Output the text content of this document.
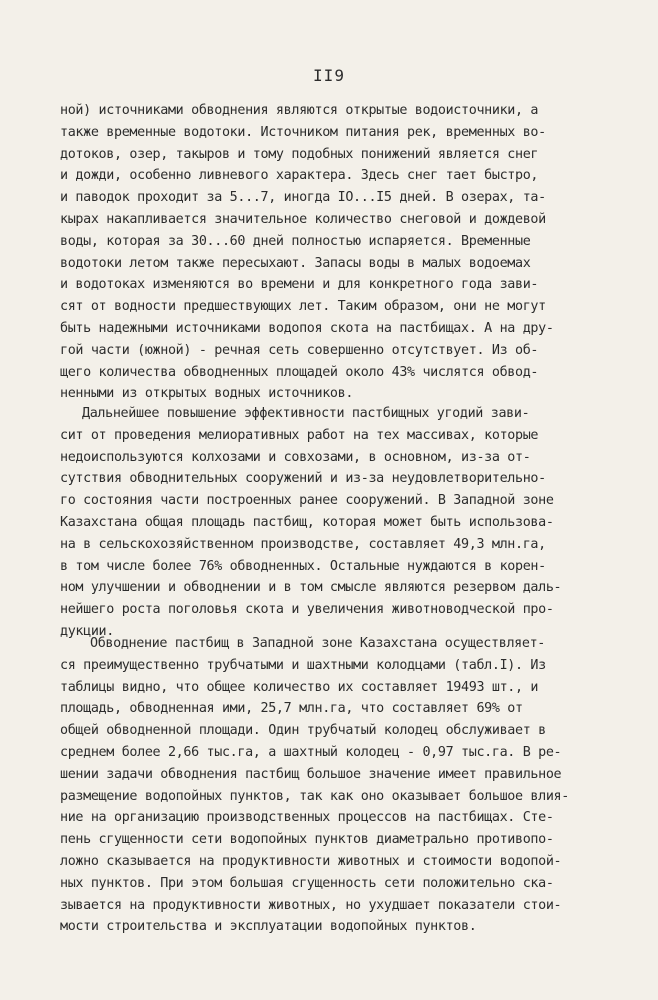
II9
ной) источниками обводнения являются открытые водоисточники, а
также временные водотоки. Источником питания рек, временных во-
дотоков, озер, такыров и тому подобных понижений является снег
и дожди, особенно ливневого характера. Здесь снег тает быстро,
и паводок проходит за 5...7, иногда IO...I5 дней. В озерах, та-
кырах накапливается значительное количество снеговой и дождевой
воды, которая за 30...60 дней полностью испаряется. Временные
водотоки летом также пересыхают. Запасы воды в малых водоемах
и водотоках изменяются во времени и для конкретного года зави-
сят от водности предшествующих лет. Таким образом, они не могут
быть надежными источниками водопоя скота на пастбищах. А на дру-
гой части (южной) - речная сеть совершенно отсутствует. Из об-
щего количества обводненных площадей около 43% числятся обвод-
ненными из открытых водных источников.
Дальнейшее повышение эффективности пастбищных угодий зави-
сит от проведения мелиоративных работ на тех массивах, которые
недоиспользуются колхозами и совхозами, в основном, из-за от-
сутствия обводнительных сооружений и из-за неудовлетворительно-
го состояния части построенных ранее сооружений. В Западной зоне
Казахстана общая площадь пастбищ, которая может быть использова-
на в сельскохозяйственном производстве, составляет 49,3 млн.га,
в том числе более 76% обводненных. Остальные нуждаются в корен-
ном улучшении и обводнении и в том смысле являются резервом даль-
нейшего роста поголовья скота и увеличения животноводческой про-
дукции.
Обводнение пастбищ в Западной зоне Казахстана осуществляет-
ся преимущественно трубчатыми и шахтными колодцами (табл.I). Из
таблицы видно, что общее количество их составляет 19493 шт., и
площадь, обводненная ими, 25,7 млн.га, что составляет 69% от
общей обводненной площади. Один трубчатый колодец обслуживает в
среднем более 2,66 тыс.га, а шахтный колодец - 0,97 тыс.га. В ре-
шении задачи обводнения пастбищ большое значение имеет правильное
размещение водопойных пунктов, так как оно оказывает большое влия-
ние на организацию производственных процессов на пастбищах. Сте-
пень сгущенности сети водопойных пунктов диаметрально противопо-
ложно сказывается на продуктивности животных и стоимости водопой-
ных пунктов. При этом большая сгущенность сети положительно ска-
зывается на продуктивности животных, но ухудшает показатели стои-
мости строительства и эксплуатации водопойных пунктов.
